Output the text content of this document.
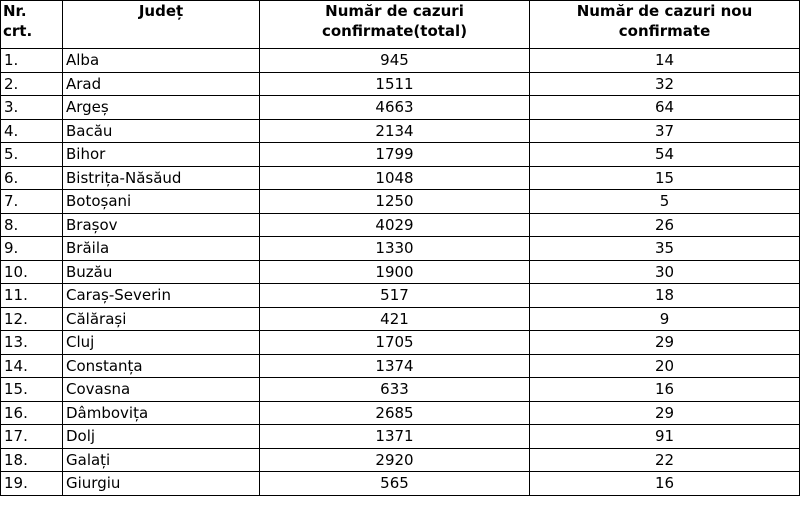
Nr. crt.	Județ	Număr de cazuri confirmate(total)	Număr de cazuri nou confirmate
1.	Alba	945	14
2.	Arad	1511	32
3.	Argeș	4663	64
4.	Bacău	2134	37
5.	Bihor	1799	54
6.	Bistrița-Năsăud	1048	15
7.	Botoșani	1250	5
8.	Brașov	4029	26
9.	Brăila	1330	35
10.	Buzău	1900	30
11.	Caraș-Severin	517	18
12.	Călărași	421	9
13.	Cluj	1705	29
14.	Constanța	1374	20
15.	Covasna	633	16
16.	Dâmbovița	2685	29
17.	Dolj	1371	91
18.	Galați	2920	22
19.	Giurgiu	565	16
